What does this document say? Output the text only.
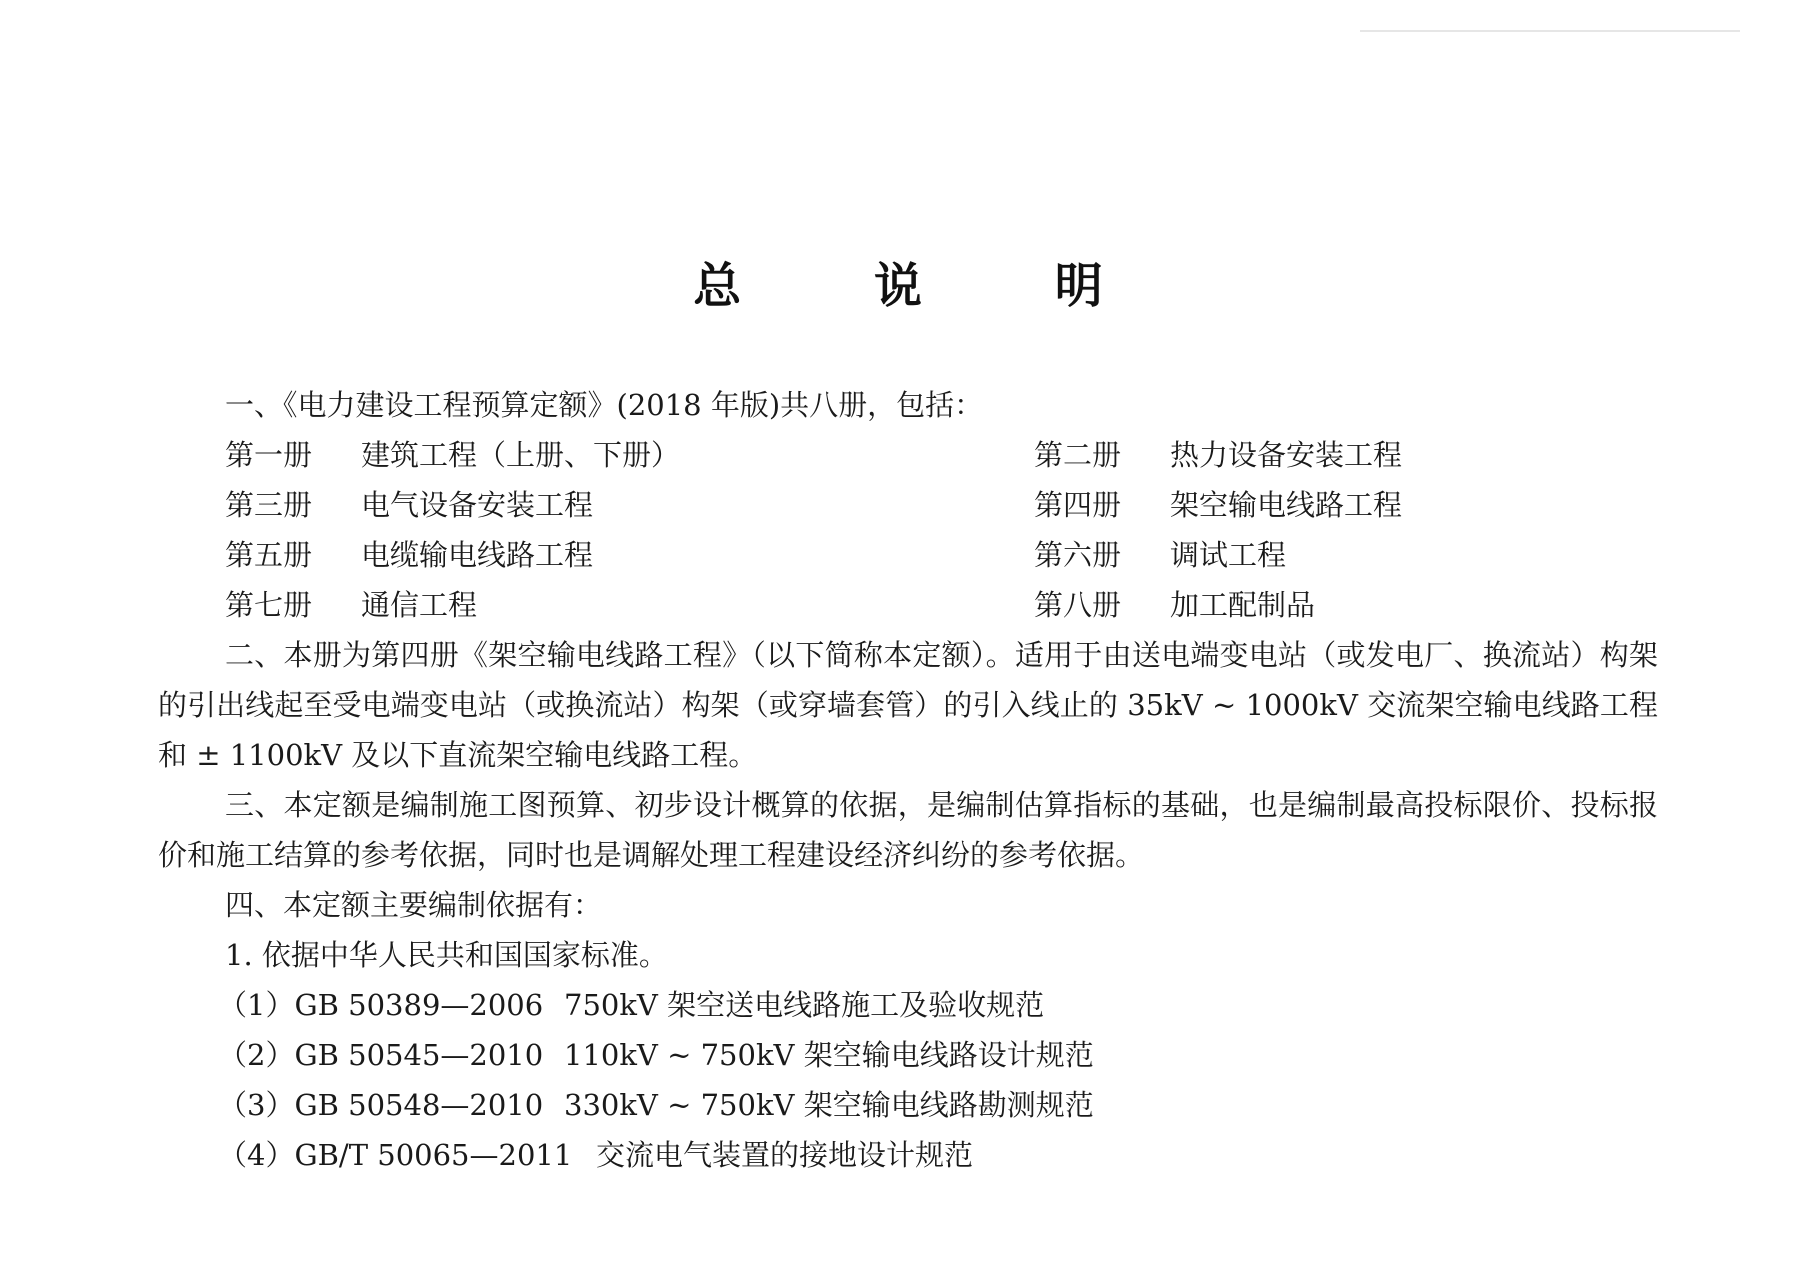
总 说 明
一、《电力建设工程预算定额》(2018 年版)共八册，包括：
第一册 建筑工程（上册、下册）	第二册 热力设备安装工程
第三册 电气设备安装工程	第四册 架空输电线路工程
第五册 电缆输电线路工程	第六册 调试工程
第七册 通信工程	第八册 加工配制品
二、本册为第四册《架空输电线路工程》（以下简称本定额）。适用于由送电端变电站（或发电厂、换流站）构架的引出线起至受电端变电站（或换流站）构架（或穿墙套管）的引入线止的 35kV ~ 1000kV 交流架空输电线路工程和 ± 1100kV 及以下直流架空输电线路工程。
三、本定额是编制施工图预算、初步设计概算的依据，是编制估算指标的基础，也是编制最高投标限价、投标报价和施工结算的参考依据，同时也是调解处理工程建设经济纠纷的参考依据。
四、本定额主要编制依据有：
1. 依据中华人民共和国国家标准。
（1）GB 50389—2006 750kV 架空送电线路施工及验收规范
（2）GB 50545—2010 110kV ~ 750kV 架空输电线路设计规范
（3）GB 50548—2010 330kV ~ 750kV 架空输电线路勘测规范
（4）GB/T 50065—2011 交流电气装置的接地设计规范
